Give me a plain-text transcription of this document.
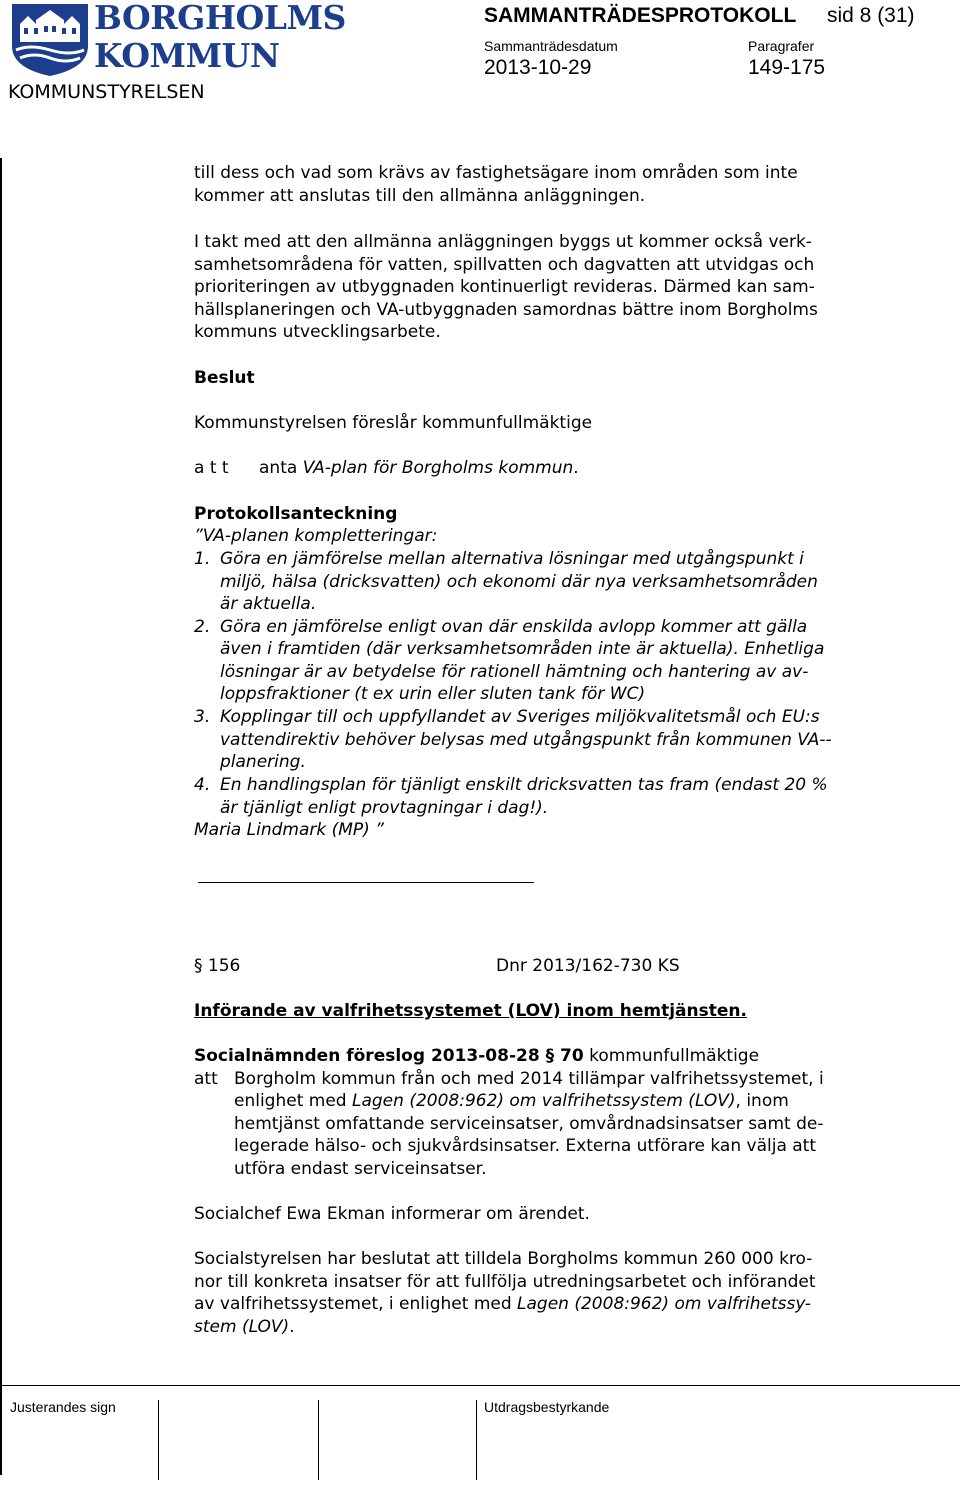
BORGHOLMS
KOMMUN
KOMMUNSTYRELSEN
SAMMANTRÄDESPROTOKOLL sid 8 (31)
Sammanträdesdatum	Paragrafer
2013-10-29	149-175
till dess och vad som krävs av fastighetsägare inom områden som inte
kommer att anslutas till den allmänna anläggningen.
I takt med att den allmänna anläggningen byggs ut kommer också verk-
samhetsområdena för vatten, spillvatten och dagvatten att utvidgas och
prioriteringen av utbyggnaden kontinuerligt revideras. Därmed kan sam-
hällsplaneringen och VA-utbyggnaden samordnas bättre inom Borgholms
kommuns utvecklingsarbete.
Beslut
Kommunstyrelsen föreslår kommunfullmäktige
a t t anta VA-plan för Borgholms kommun.
Protokollsanteckning
”VA-planen kompletteringar:
1. Göra en jämförelse mellan alternativa lösningar med utgångspunkt i
miljö, hälsa (dricksvatten) och ekonomi där nya verksamhetsområden
är aktuella.
2. Göra en jämförelse enligt ovan där enskilda avlopp kommer att gälla
även i framtiden (där verksamhetsområden inte är aktuella). Enhetliga
lösningar är av betydelse för rationell hämtning och hantering av av-
loppsfraktioner (t ex urin eller sluten tank för WC)
3. Kopplingar till och uppfyllandet av Sveriges miljökvalitetsmål och EU:s
vattendirektiv behöver belysas med utgångspunkt från kommunen VA--
planering.
4. En handlingsplan för tjänligt enskilt dricksvatten tas fram (endast 20 %
är tjänligt enligt provtagningar i dag!).
Maria Lindmark (MP) ”
§ 156	Dnr 2013/162-730 KS
Införande av valfrihetssystemet (LOV) inom hemtjänsten.
Socialnämnden föreslog 2013-08-28 § 70 kommunfullmäktige
att Borgholm kommun från och med 2014 tillämpar valfrihetssystemet, i
enlighet med Lagen (2008:962) om valfrihetssystem (LOV), inom
hemtjänst omfattande serviceinsatser, omvårdnadsinsatser samt de-
legerade hälso- och sjukvårdsinsatser. Externa utförare kan välja att
utföra endast serviceinsatser.
Socialchef Ewa Ekman informerar om ärendet.
Socialstyrelsen har beslutat att tilldela Borgholms kommun 260 000 kro-
nor till konkreta insatser för att fullfölja utredningsarbetet och införandet
av valfrihetssystemet, i enlighet med Lagen (2008:962) om valfrihetssy-
stem (LOV).
Justerandes sign	Utdragsbestyrkande
